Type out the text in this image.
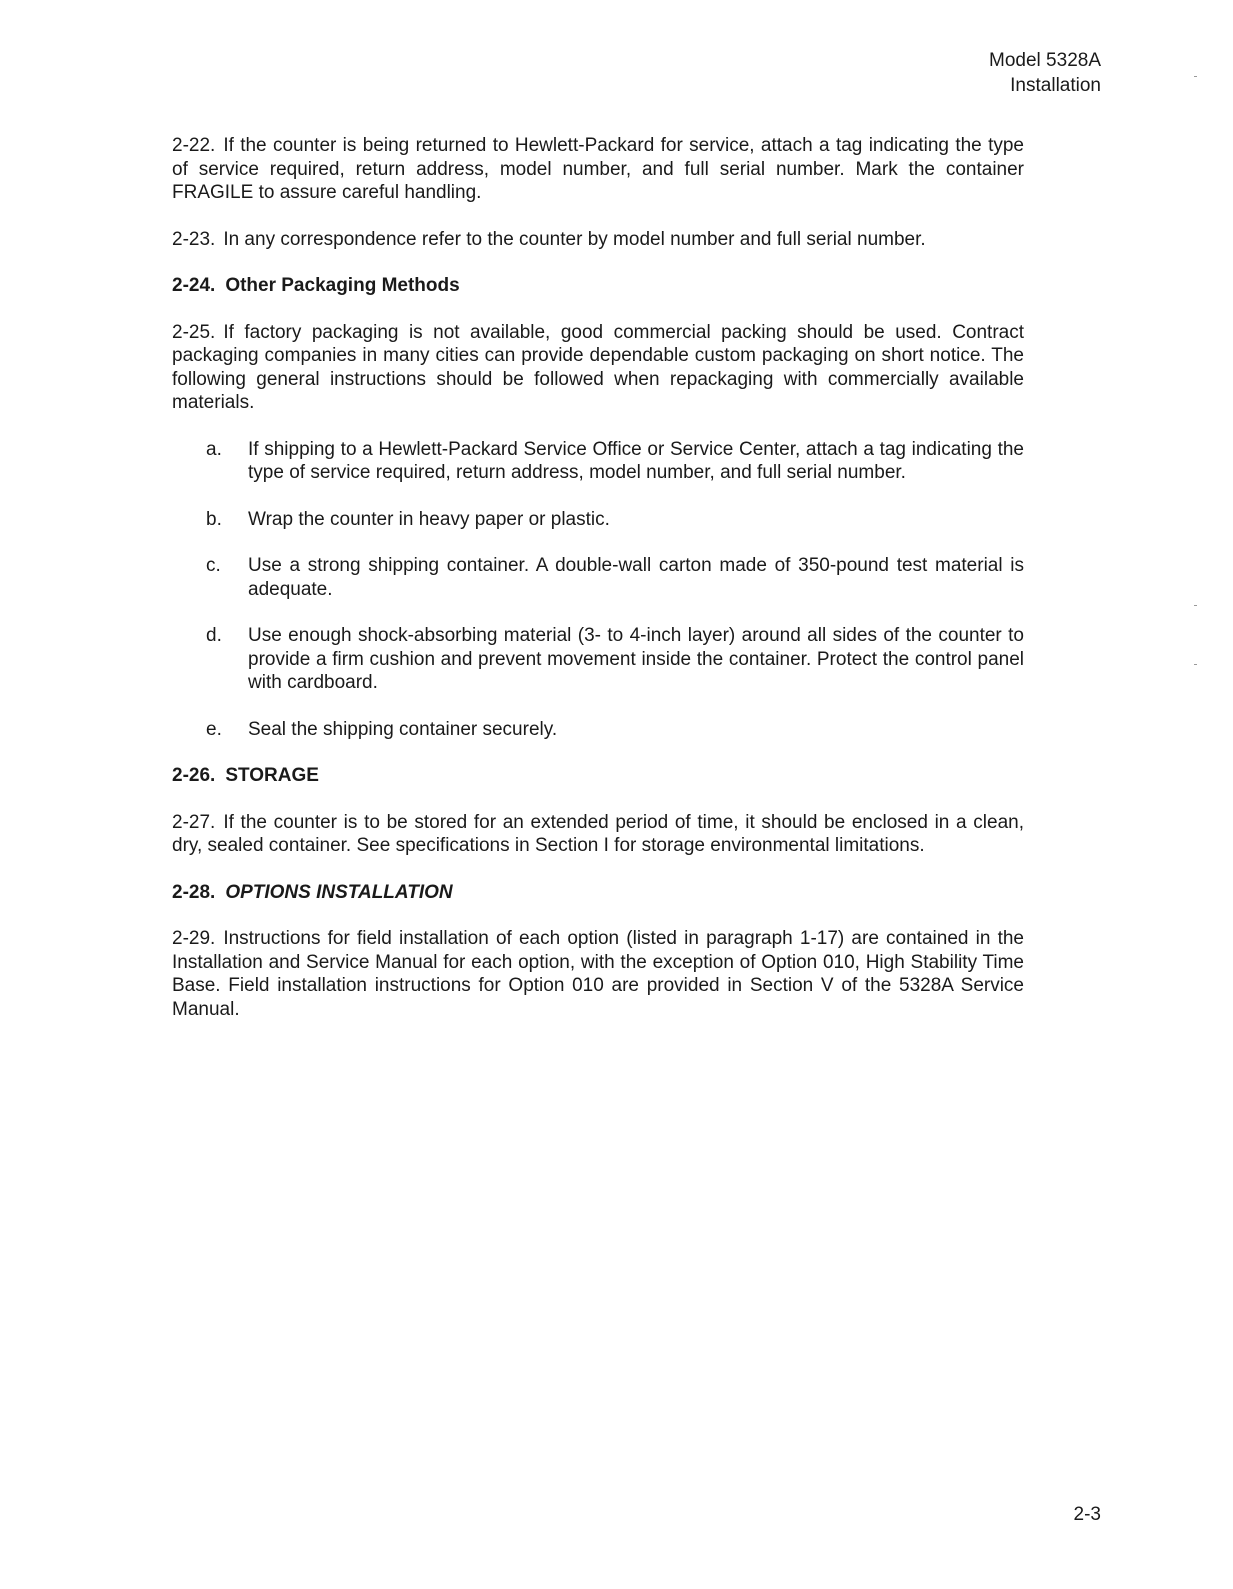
Model 5328A
Installation

2-22. If the counter is being returned to Hewlett-Packard for service, attach a tag indicating the type of service required, return address, model number, and full serial number. Mark the container FRAGILE to assure careful handling.

2-23. In any correspondence refer to the counter by model number and full serial number.

2-24. Other Packaging Methods

2-25. If factory packaging is not available, good commercial packing should be used. Contract packaging companies in many cities can provide dependable custom packaging on short notice. The following general instructions should be followed when repackaging with commercially available materials.

a.	If shipping to a Hewlett-Packard Service Office or Service Center, attach a tag indicating the type of service required, return address, model number, and full serial number.
b.	Wrap the counter in heavy paper or plastic.
c.	Use a strong shipping container. A double-wall carton made of 350-pound test material is adequate.
d.	Use enough shock-absorbing material (3- to 4-inch layer) around all sides of the counter to provide a firm cushion and prevent movement inside the container. Protect the control panel with cardboard.
e.	Seal the shipping container securely.
2-26. STORAGE

2-27. If the counter is to be stored for an extended period of time, it should be enclosed in a clean, dry, sealed container. See specifications in Section I for storage environmental limitations.

2-28. OPTIONS INSTALLATION

2-29. Instructions for field installation of each option (listed in paragraph 1-17) are contained in the Installation and Service Manual for each option, with the exception of Option 010, High Stability Time Base. Field installation instructions for Option 010 are provided in Section V of the 5328A Service Manual.

2-3
